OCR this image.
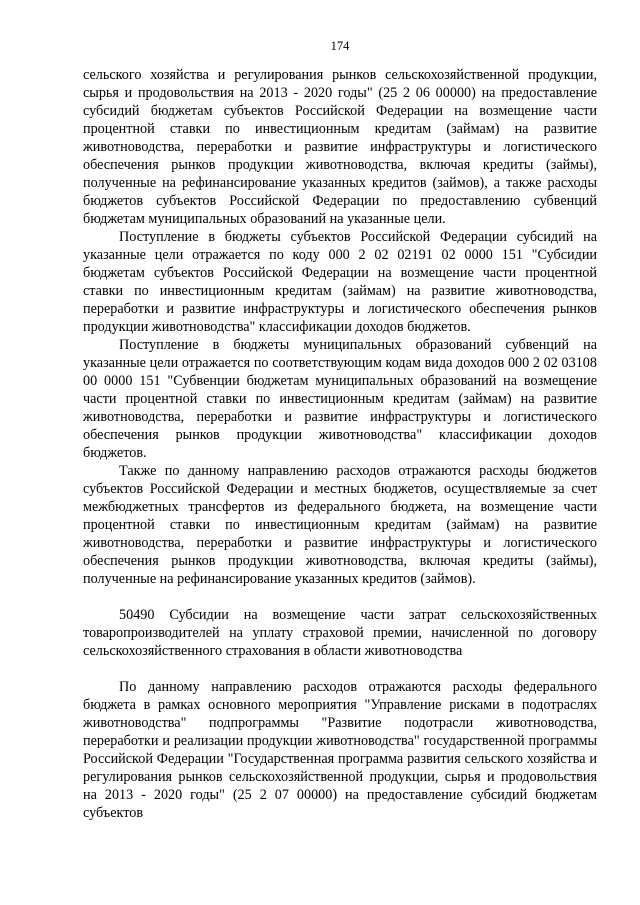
174

сельского хозяйства и регулирования рынков сельскохозяйственной продукции, сырья и продовольствия на 2013 - 2020 годы" (25 2 06 00000) на предоставление субсидий бюджетам субъектов Российской Федерации на возмещение части процентной ставки по инвестиционным кредитам (займам) на развитие животноводства, переработки и развитие инфраструктуры и логистического обеспечения рынков продукции животноводства, включая кредиты (займы), полученные на рефинансирование указанных кредитов (займов), а также расходы бюджетов субъектов Российской Федерации по предоставлению субвенций бюджетам муниципальных образований на указанные цели.

Поступление в бюджеты субъектов Российской Федерации субсидий на указанные цели отражается по коду 000 2 02 02191 02 0000 151 "Субсидии бюджетам субъектов Российской Федерации на возмещение части процентной ставки по инвестиционным кредитам (займам) на развитие животноводства, переработки и развитие инфраструктуры и логистического обеспечения рынков продукции животноводства" классификации доходов бюджетов.

Поступление в бюджеты муниципальных образований субвенций на указанные цели отражается по соответствующим кодам вида доходов 000 2 02 03108 00 0000 151 "Субвенции бюджетам муниципальных образований на возмещение части процентной ставки по инвестиционным кредитам (займам) на развитие животноводства, переработки и развитие инфраструктуры и логистического обеспечения рынков продукции животноводства" классификации доходов бюджетов.

Также по данному направлению расходов отражаются расходы бюджетов субъектов Российской Федерации и местных бюджетов, осуществляемые за счет межбюджетных трансфертов из федерального бюджета, на возмещение части процентной ставки по инвестиционным кредитам (займам) на развитие животноводства, переработки и развитие инфраструктуры и логистического обеспечения рынков продукции животноводства, включая кредиты (займы), полученные на рефинансирование указанных кредитов (займов).

50490 Субсидии на возмещение части затрат сельскохозяйственных товаропроизводителей на уплату страховой премии, начисленной по договору сельскохозяйственного страхования в области животноводства

По данному направлению расходов отражаются расходы федерального бюджета в рамках основного мероприятия "Управление рисками в подотраслях животноводства" подпрограммы "Развитие подотрасли животноводства, переработки и реализации продукции животноводства" государственной программы Российской Федерации "Государственная программа развития сельского хозяйства и регулирования рынков сельскохозяйственной продукции, сырья и продовольствия на 2013 - 2020 годы" (25 2 07 00000) на предоставление субсидий бюджетам субъектов
